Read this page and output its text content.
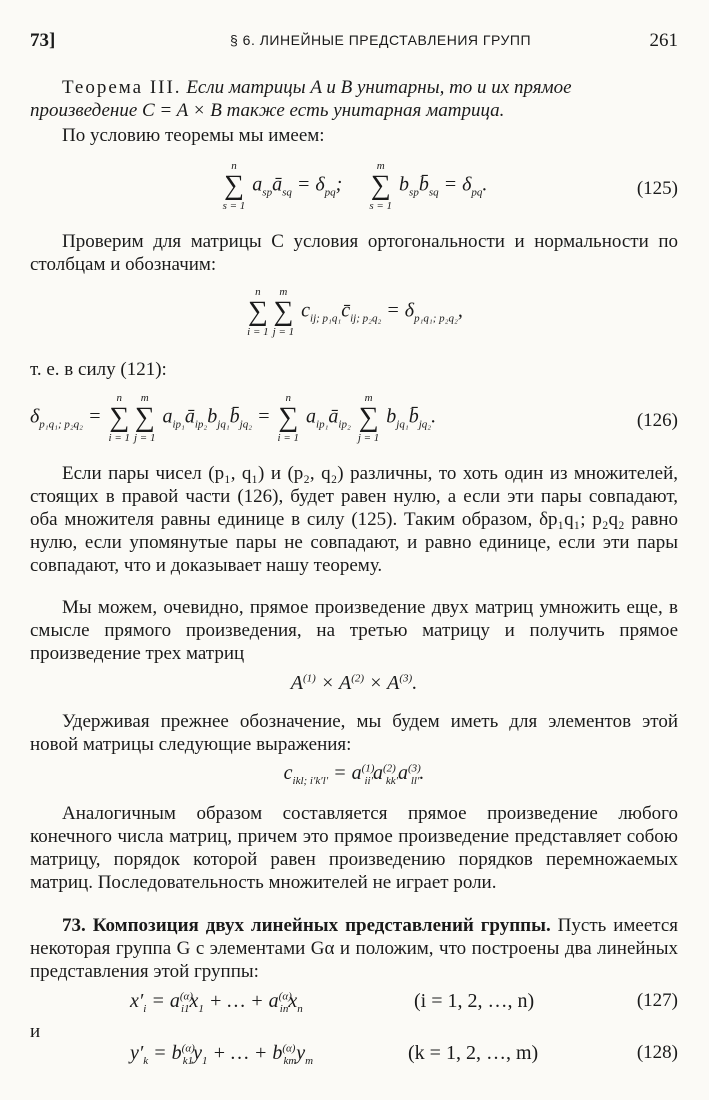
73]	§ 6. ЛИНЕЙНЫЕ ПРЕДСТАВЛЕНИЯ ГРУПП	261
Теорема III. Если матрицы A и B унитарны, то и их прямое
произведение C = A × B также есть унитарная матрица.
По условию теоремы мы имеем:
n
∑
s = 1
$a_{sp}ā_{sq} = \delta_{pq}$;
m
∑
s = 1
$b_{sp}b̄_{sq} = \delta_{pq}$.	(125)
Проверим для матрицы C условия ортогональности и нормальности по столбцам и обозначим:
n
∑
i = 1
m
∑
j = 1
$c_{ij; p_1q_1}c̄_{ij; p_2q_2} = \delta_{p_1q_1; p_2q_2}$,
т. е. в силу (121):
$\delta_{p_1q_1; p_2q_2}$ =
n
∑
i = 1
m
∑
j = 1
$a_{ip_1}ā_{ip_2}b_{jq_1}b̄_{jq_2}$ =
n
∑
i = 1
$a_{ip_1}ā_{ip_2}$
m
∑
j = 1
$b_{jq_1}b̄_{jq_2}$.	(126)
Если пары чисел (p₁, q₁) и (p₂, q₂) различны, то хоть один из множителей, стоящих в правой части (126), будет равен нулю, а если эти пары совпадают, оба множителя равны единице в силу (125). Таким образом, δp₁q₁; p₂q₂ равно нулю, если упомянутые пары не совпадают, и равно единице, если эти пары совпадают, что и доказывает нашу теорему.
Мы можем, очевидно, прямое произведение двух матриц умножить еще, в смысле прямого произведения, на третью матрицу и получить прямое произведение трех матриц
$A^{(1)} \times A^{(2)} \times A^{(3)}$.
Удерживая прежнее обозначение, мы будем иметь для элементов этой новой матрицы следующие выражения:
$c_{ikl; i'k'l'} = a^{(1)}_{ii'}a^{(2)}_{kk'}a^{(3)}_{ll'}$.
Аналогичным образом составляется прямое произведение любого конечного числа матриц, причем это прямое произведение представляет собою матрицу, порядок которой равен произведению порядков перемножаемых матриц. Последовательность множителей не играет роли.
73. Композиция двух линейных представлений группы. Пусть имеется некоторая группа G с элементами Gα и положим, что построены два линейных представления этой группы:
$x'_i = a^{(\alpha)}_{i1}x_1$ + … + $a^{(\alpha)}_{in}x_n$	(i = 1, 2, …, n)	(127)
и
$y'_k = b^{(\alpha)}_{k1}y_1$ + … + $b^{(\alpha)}_{km}y_m$	(k = 1, 2, …, m)	(128)
